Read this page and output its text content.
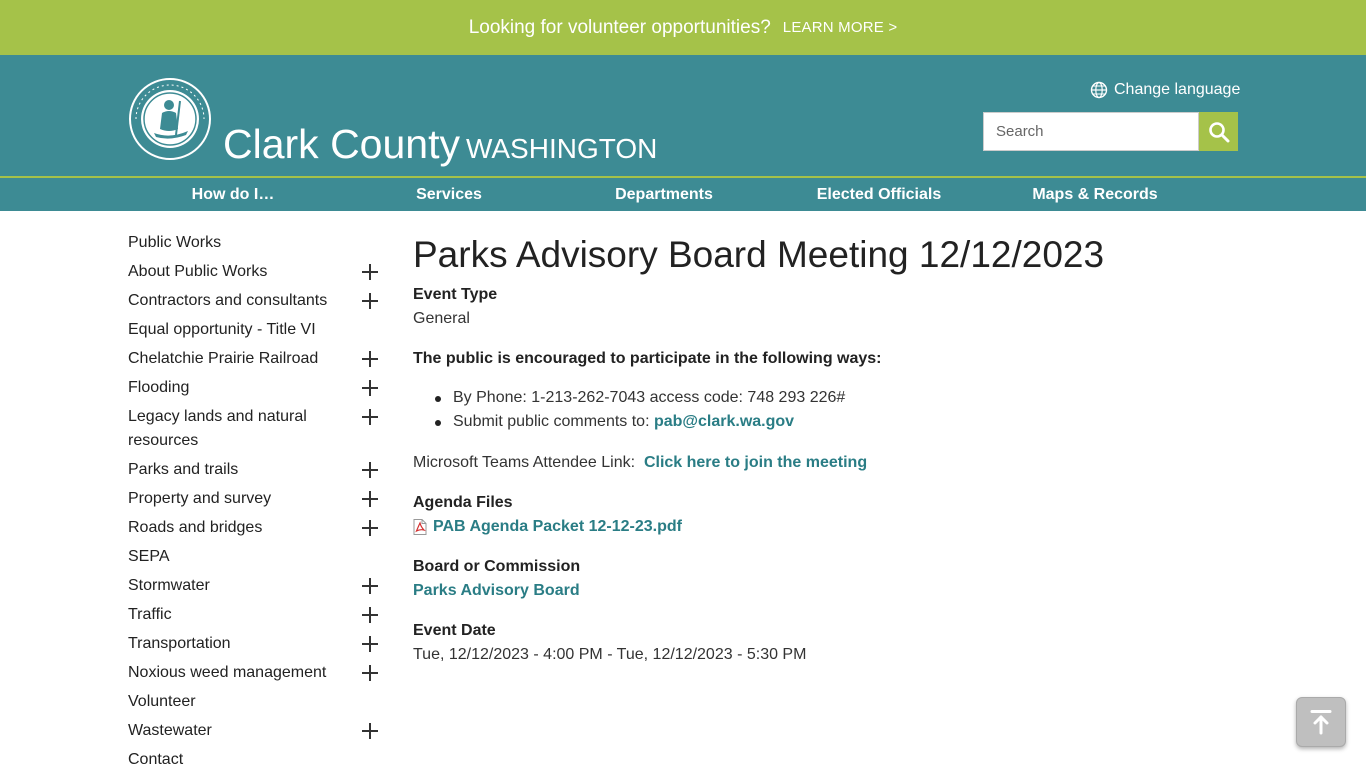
Looking for volunteer opportunities? LEARN MORE >
Clark County WASHINGTON
Change language
Search
How do I…	Services	Departments	Elected Officials	Maps & Records
Public Works
About Public Works
Contractors and consultants
Equal opportunity - Title VI
Chelatchie Prairie Railroad
Flooding
Legacy lands and natural resources
Parks and trails
Property and survey
Roads and bridges
SEPA
Stormwater
Traffic
Transportation
Noxious weed management
Volunteer
Wastewater
Contact
Parks Advisory Board Meeting 12/12/2023
Event Type
General
The public is encouraged to participate in the following ways:
By Phone: 1-213-262-7043 access code: 748 293 226#
Submit public comments to: pab@clark.wa.gov
Microsoft Teams Attendee Link: Click here to join the meeting
Agenda Files
PAB Agenda Packet 12-12-23.pdf
Board or Commission
Parks Advisory Board
Event Date
Tue, 12/12/2023 - 4:00 PM - Tue, 12/12/2023 - 5:30 PM
